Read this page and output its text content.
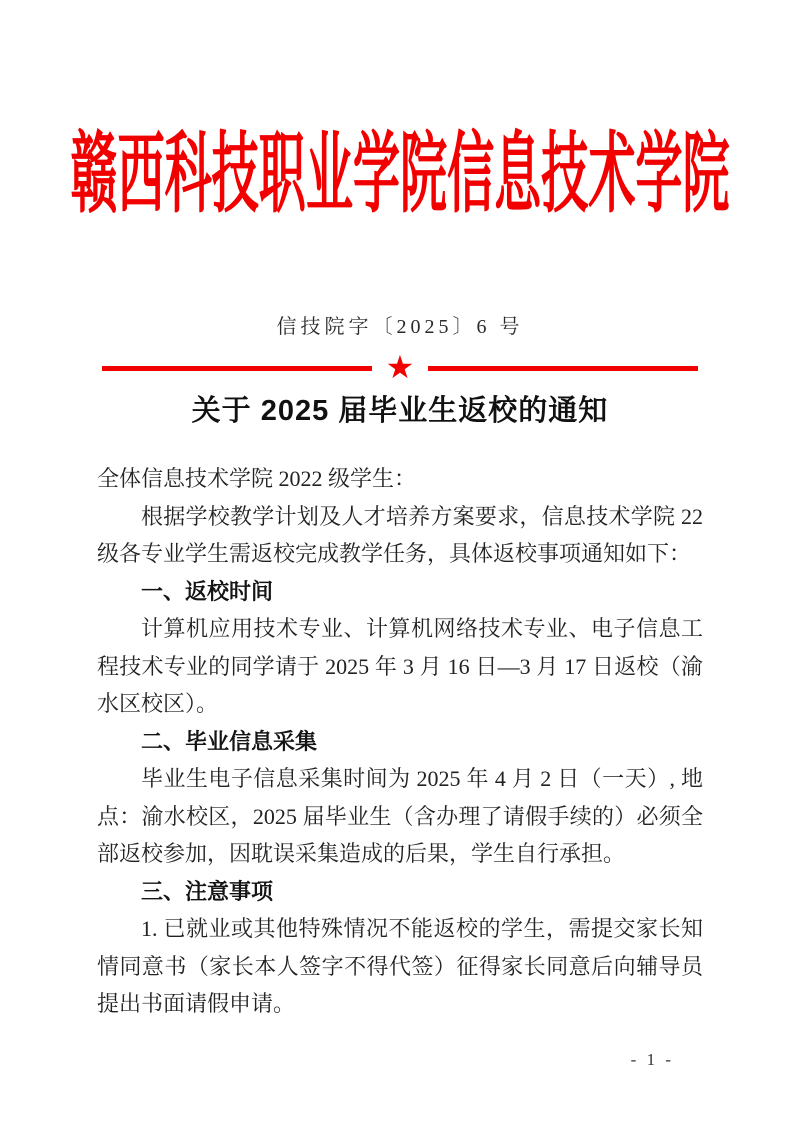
赣西科技职业学院信息技术学院
信技院字〔2025〕6 号
★
关于 2025 届毕业生返校的通知

全体信息技术学院 2022 级学生：

根据学校教学计划及人才培养方案要求，信息技术学院 22 级各专业学生需返校完成教学任务，具体返校事项通知如下：

一、返校时间

计算机应用技术专业、计算机网络技术专业、电子信息工程技术专业的同学请于 2025 年 3 月 16 日—3 月 17 日返校（渝水区校区）。

二、毕业信息采集

毕业生电子信息采集时间为 2025 年 4 月 2 日（一天）, 地点：渝水校区，2025 届毕业生（含办理了请假手续的）必须全部返校参加，因耽误采集造成的后果，学生自行承担。

三、注意事项

1. 已就业或其他特殊情况不能返校的学生，需提交家长知情同意书（家长本人签字不得代签）征得家长同意后向辅导员提出书面请假申请。

- 1 -
